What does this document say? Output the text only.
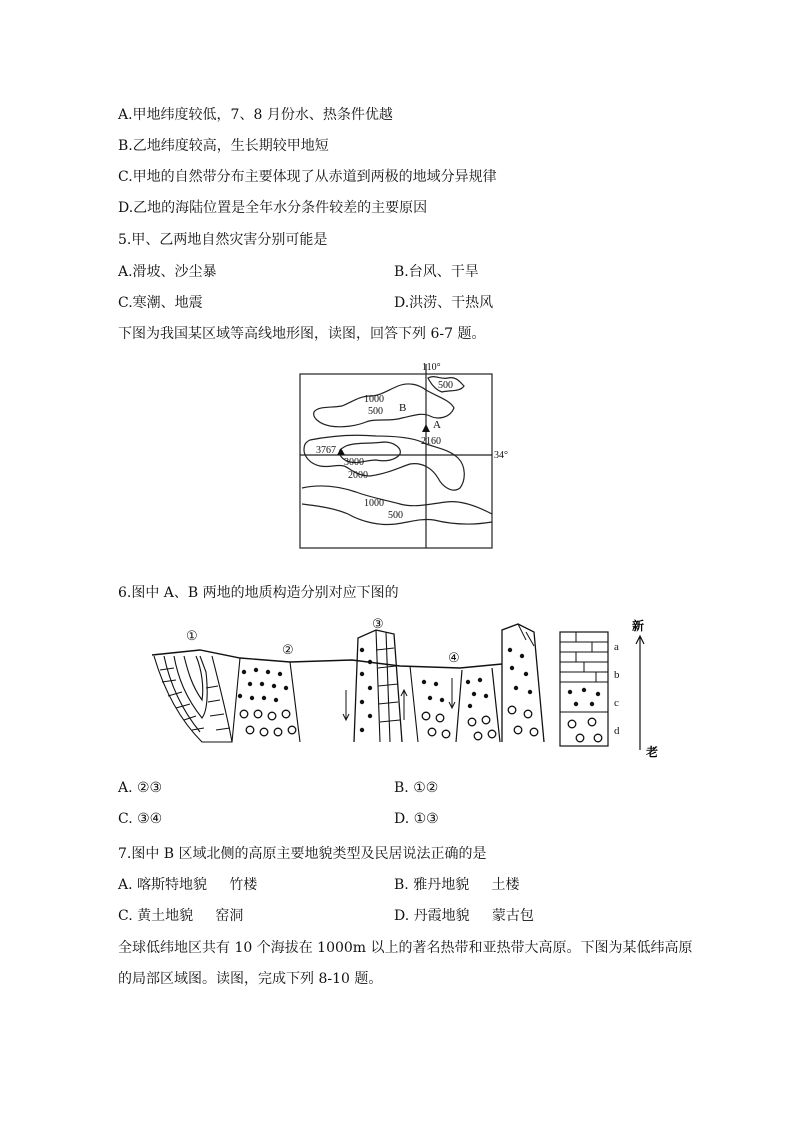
A.甲地纬度较低，7、8 月份水、热条件优越
B.乙地纬度较高，生长期较甲地短
C.甲地的自然带分布主要体现了从赤道到两极的地域分异规律
D.乙地的海陆位置是全年水分条件较差的主要原因
5.甲、乙两地自然灾害分别可能是
A.滑坡、沙尘暴	B.台风、干旱
C.寒潮、地震	D.洪涝、干热风
下图为我国某区域等高线地形图，读图，回答下列 6-7 题。
110°
500
1000
500 B
A
2160
3767
3000
2000
34°
1000
500
6.图中 A、B 两地的地质构造分别对应下图的
①
②
③
④
a
b
c
d
新
老
A. ②③	B. ①②
C. ③④	D. ①③
7.图中 B 区域北侧的高原主要地貌类型及民居说法正确的是
A. 喀斯特地貌     竹楼	B. 雅丹地貌     土楼
C. 黄土地貌     窑洞	D. 丹霞地貌     蒙古包
全球低纬地区共有 10 个海拔在 1000m 以上的著名热带和亚热带大高原。下图为某低纬高原
的局部区域图。读图，完成下列 8-10 题。
